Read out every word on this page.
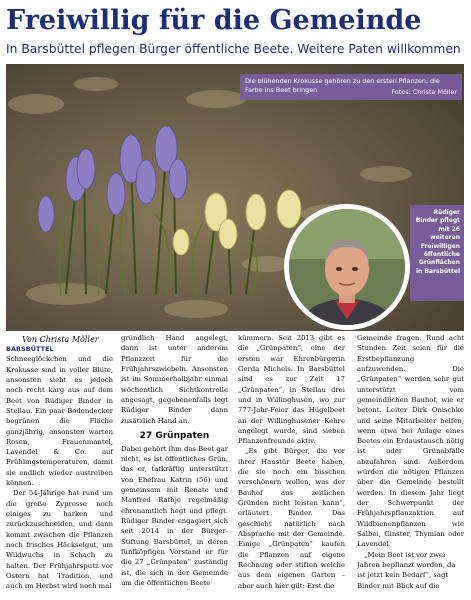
Freiwillig für die Gemeinde

In Barsbüttel pflegen Bürger öffentliche Beete. Weitere Paten willkommen

Die blühenden Krokusse gehören zu den ersten Pflanzen, die Farbe ins Beet bringen	Fotos: Christa Möller
Rüdiger Binder pflegt mit 26 weiteren Freiwilligen öffentliche Grünflächen in Barsbüttel
Von Christa Möller

BARSBÜTTEL Schneeglöckchen und die Krokusse sind in voller Blüte, ansonsten sieht es jedoch noch recht karg aus auf dem Beet von Rüdiger Binder in Stellau. Ein paar Bodendecker begrünen die Fläche ganzjährig, ansonsten warten Rosen, Frauenmantel, Lavendel & Co. auf Frühlingstemperaturen, damit sie endlich wieder austreiben können.

Der 54-Jährige hat rund um die große Zypresse noch einiges zu harken und zurückzuschneiden, und dann kommt zwischen die Pflanzen noch frisches Häckselgut, um Wildwuchs in Schach zu halten. Der Frühjahrsputz vor Ostern hat Tradition, und auch im Herbst wird noch mal

gründlich Hand angelegt, dann ist unter anderem Pflanzzeit für die Frühjahrszwiebeln. Ansonsten ist im Sommerhalbjahr einmal wöchentlich Sichtkontrolle angesagt, gegebenenfalls legt Rüdiger Binder dann zusätzlich Hand an.

27 Grünpaten

Dabei gehört ihm das Beet gar nicht, es ist öffentliches Grün, das er, tatkräftig unterstützt von Ehefrau Katrin (56) und gemeinsam mit Renate und Manfred Rathje regelmäßig ehrenamtlich hegt und pflegt. Rüdiger Binder engagiert sich seit 2014 in der Bürger-Stiftung Barsbüttel, in deren fünfköpfigen Vorstand er für die 27 „Grünpaten“ zuständig ist, die sich in der Gemeinde um die öffentlichen Beete

kümmern. Seit 2013 gibt es die „Grünpaten“, eine der ersten war Ehrenbürgerin Gerda Michels. In Barsbüttel sind es zur Zeit 17 „Grünpaten“, in Stellau drei und in Willinghusen, wo zur 777-Jahr-Feier das Hügelbeet an der Willinghusener Kehre angelegt wurde, sind sieben Pflanzenfreunde aktiv.

„Es gibt Bürger, die vor ihrer Haustür Beete haben, die sie noch ein bisschen verschönern wollen, was der Bauhof aus zeitlichen Gründen nicht leisten kann“, erläutert Binder. Das geschieht natürlich nach Absprache mit der Gemeinde. Einige „Grünpaten“ kaufen die Pflanzen auf eigene Rechnung oder stiften welche aus dem eigenen Garten – aber auch hier gilt: Erst die

Gemeinde fragen. Rund acht Stunden Zeit seien für die Erstbepflanzung aufzuwenden. Die „Grünpaten“ werden sehr gut unterstützt vom gemeindlichen Bauhof, wie er betont. Leiter Dirk Onischke und seine Mitarbeiter helfen, wenn etwa bei Anlage eines Beetes ein Erdaustausch nötig ist oder Grünabfälle abzufahren sind. Außerdem würden die nötigen Pflanzen über die Gemeinde bestellt werden. In diesem Jahr liegt der Schwerpunkt der Frühjahrspflanzaktion auf Wildbienenpflanzen wie Salbei, Ginster, Thymian oder Lavendel.

„Mein Beet ist vor zwei Jahren bepflanzt worden, da ist jetzt kein Bedarf“, sagt Binder mit Blick auf die
